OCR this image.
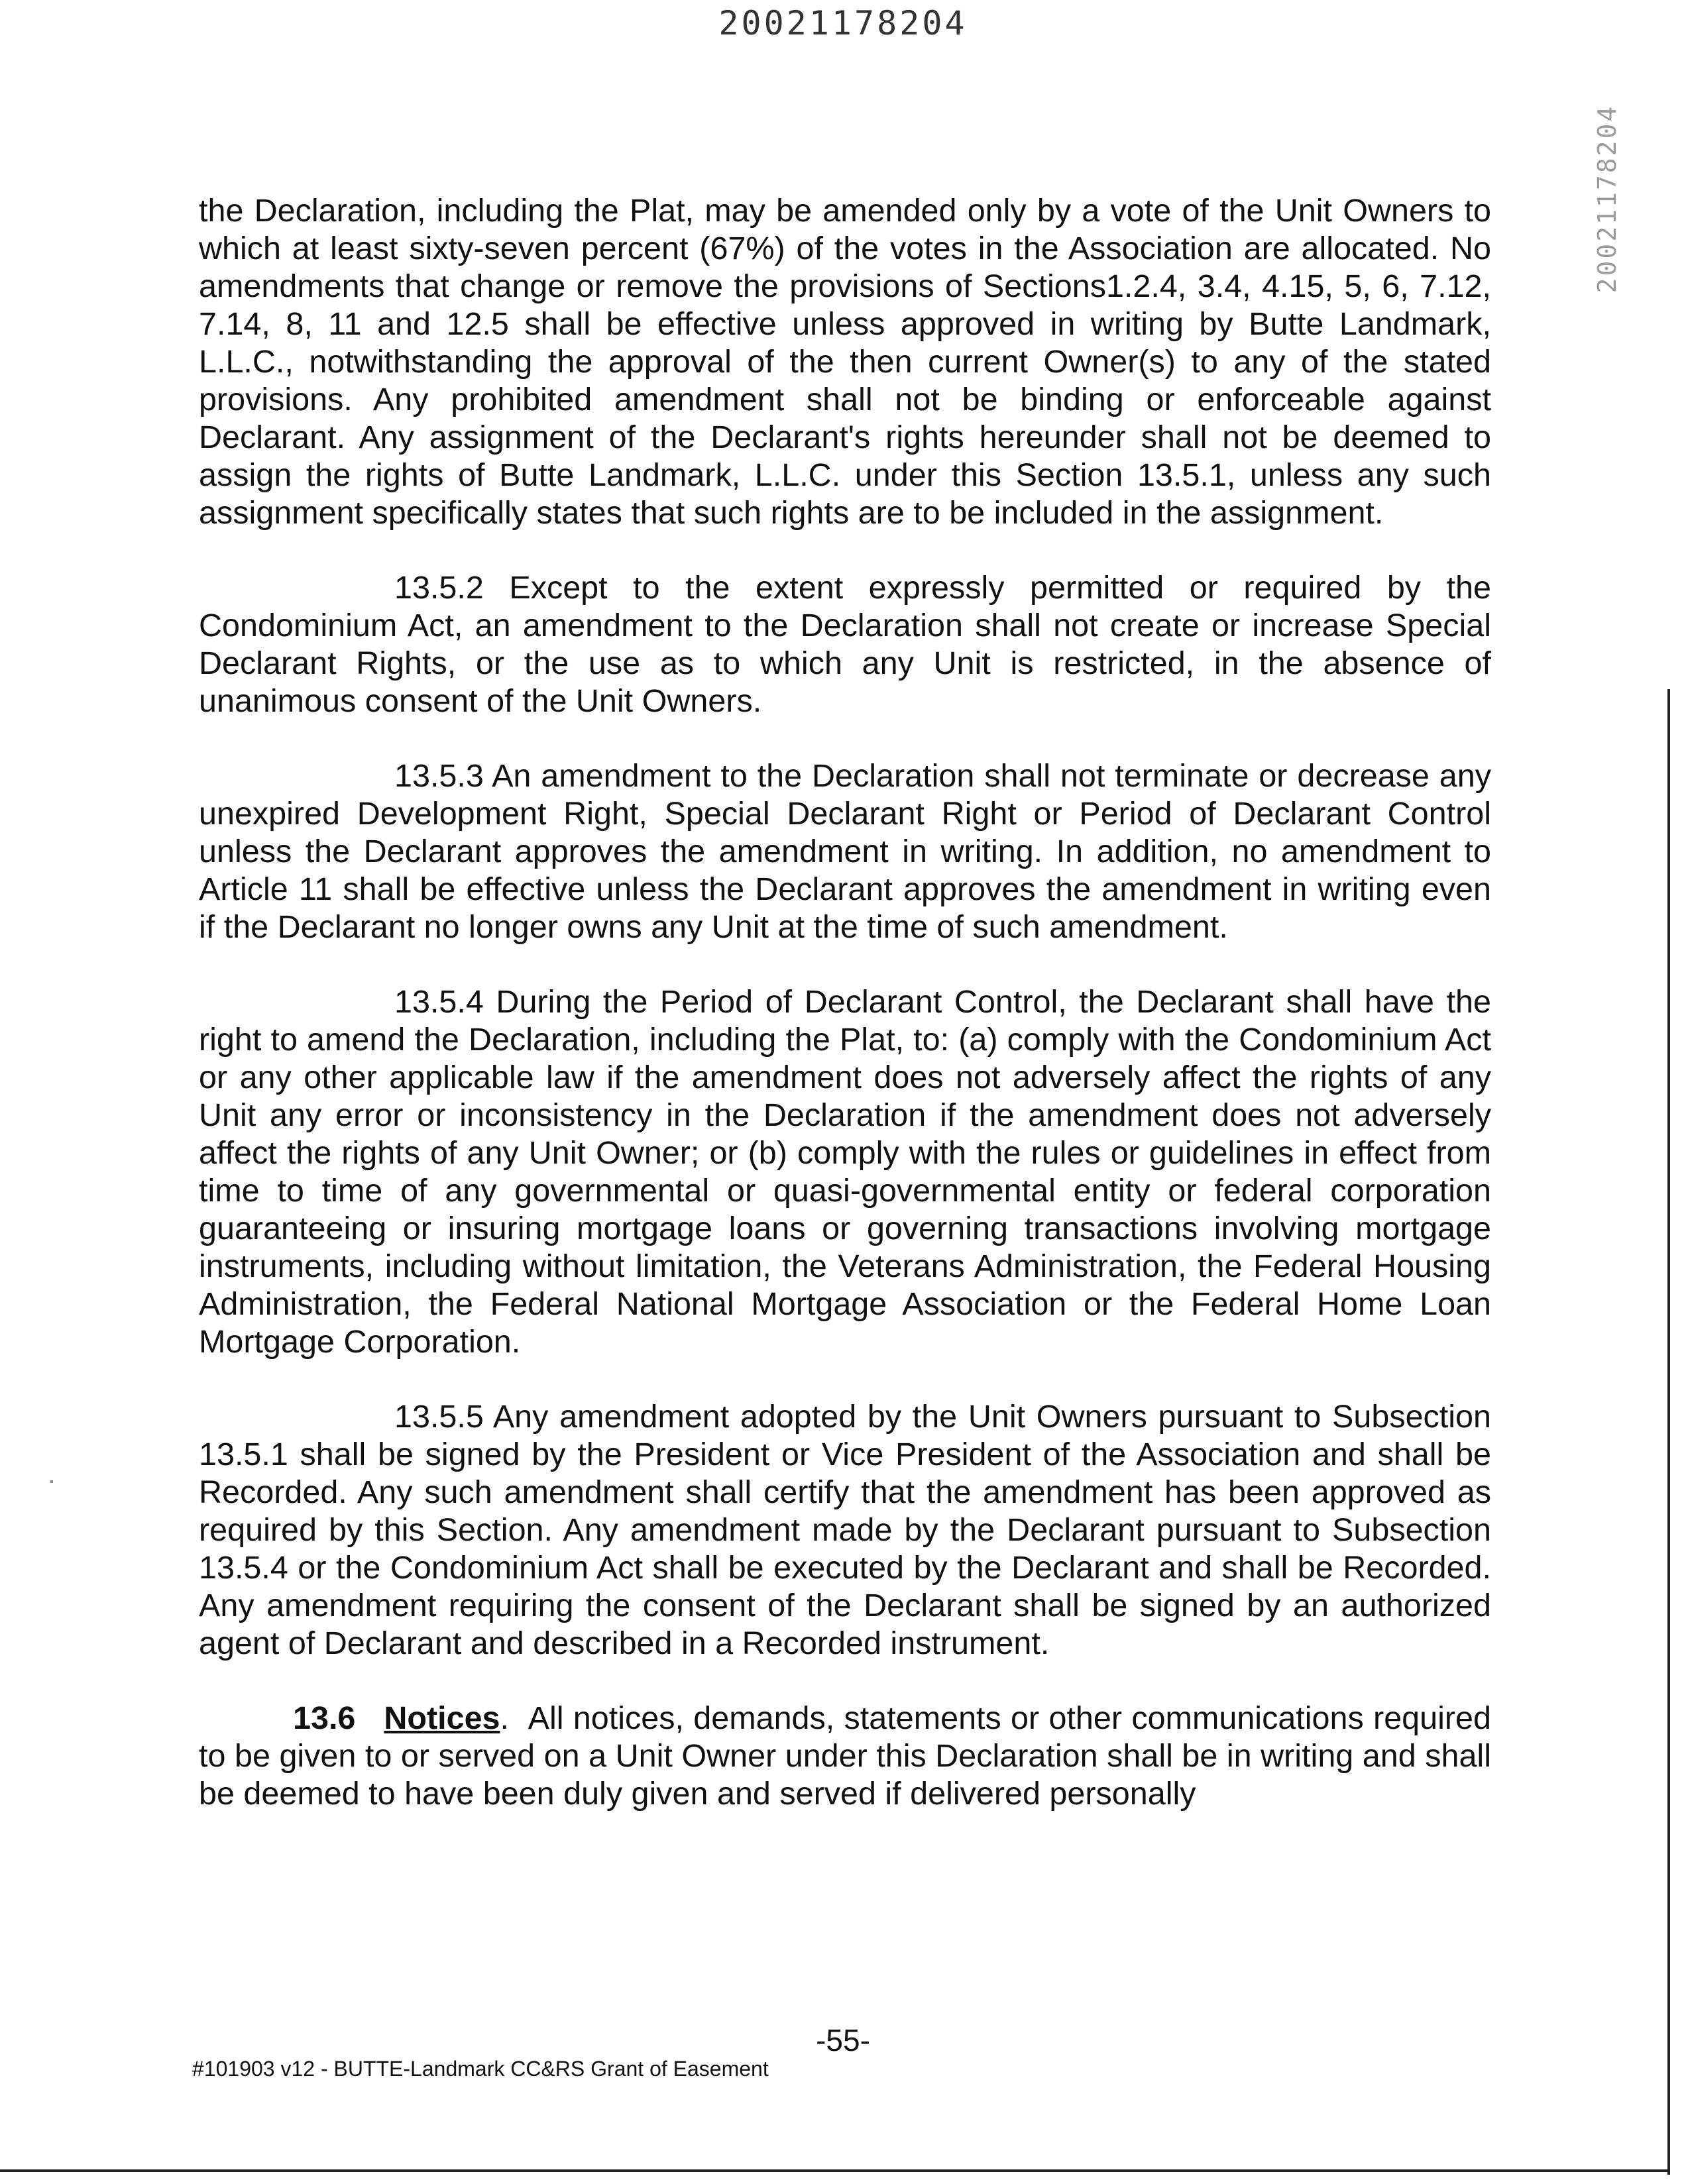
20021178204
20021178204

the Declaration, including the Plat, may be amended only by a vote of the Unit Owners to which at least sixty-seven percent (67%) of the votes in the Association are allocated. No amendments that change or remove the provisions of Sections1.2.4, 3.4, 4.15, 5, 6, 7.12, 7.14, 8, 11 and 12.5 shall be effective unless approved in writing by Butte Landmark, L.L.C., notwithstanding the approval of the then current Owner(s) to any of the stated provisions. Any prohibited amendment shall not be binding or enforceable against Declarant. Any assignment of the Declarant's rights hereunder shall not be deemed to assign the rights of Butte Landmark, L.L.C. under this Section 13.5.1, unless any such assignment specifically states that such rights are to be included in the assignment.

13.5.2 Except to the extent expressly permitted or required by the Condominium Act, an amendment to the Declaration shall not create or increase Special Declarant Rights, or the use as to which any Unit is restricted, in the absence of unanimous consent of the Unit Owners.

13.5.3 An amendment to the Declaration shall not terminate or decrease any unexpired Development Right, Special Declarant Right or Period of Declarant Control unless the Declarant approves the amendment in writing. In addition, no amendment to Article 11 shall be effective unless the Declarant approves the amendment in writing even if the Declarant no longer owns any Unit at the time of such amendment.

13.5.4 During the Period of Declarant Control, the Declarant shall have the right to amend the Declaration, including the Plat, to: (a) comply with the Condominium Act or any other applicable law if the amendment does not adversely affect the rights of any Unit any error or inconsistency in the Declaration if the amendment does not adversely affect the rights of any Unit Owner; or (b) comply with the rules or guidelines in effect from time to time of any governmental or quasi-governmental entity or federal corporation guaranteeing or insuring mortgage loans or governing transactions involving mortgage instruments, including without limitation, the Veterans Administration, the Federal Housing Administration, the Federal National Mortgage Association or the Federal Home Loan Mortgage Corporation.

13.5.5 Any amendment adopted by the Unit Owners pursuant to Subsection 13.5.1 shall be signed by the President or Vice President of the Association and shall be Recorded. Any such amendment shall certify that the amendment has been approved as required by this Section. Any amendment made by the Declarant pursuant to Subsection 13.5.4 or the Condominium Act shall be executed by the Declarant and shall be Recorded. Any amendment requiring the consent of the Declarant shall be signed by an authorized agent of Declarant and described in a Recorded instrument.

13.6 Notices. All notices, demands, statements or other communications required to be given to or served on a Unit Owner under this Declaration shall be in writing and shall be deemed to have been duly given and served if delivered personally

-55-
#101903 v12 - BUTTE-Landmark CC&RS Grant of Easement
